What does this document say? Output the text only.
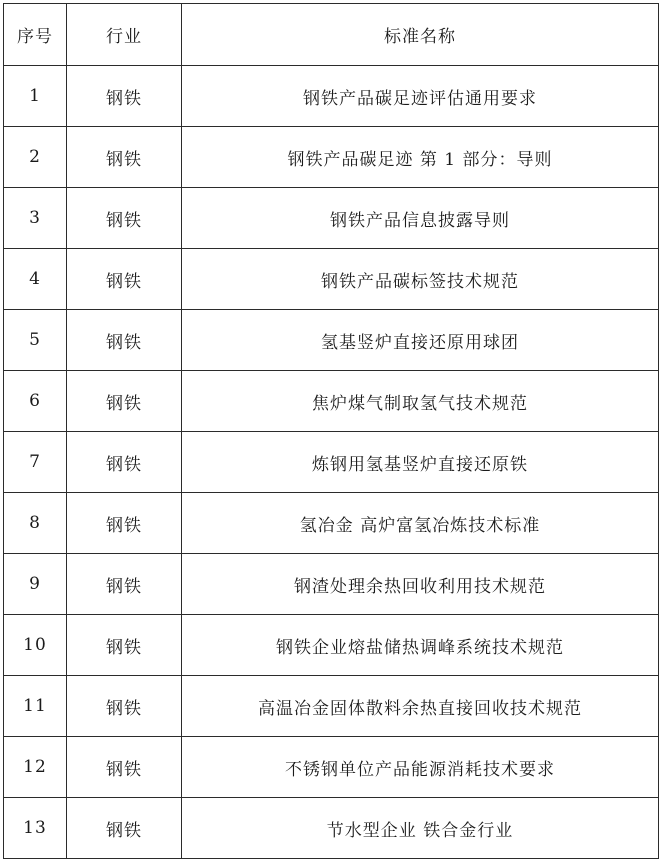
序号	行业	标准名称
1	钢铁	钢铁产品碳足迹评估通用要求
2	钢铁	钢铁产品碳足迹 第 1 部分：导则
3	钢铁	钢铁产品信息披露导则
4	钢铁	钢铁产品碳标签技术规范
5	钢铁	氢基竖炉直接还原用球团
6	钢铁	焦炉煤气制取氢气技术规范
7	钢铁	炼钢用氢基竖炉直接还原铁
8	钢铁	氢冶金 高炉富氢冶炼技术标准
9	钢铁	钢渣处理余热回收利用技术规范
10	钢铁	钢铁企业熔盐储热调峰系统技术规范
11	钢铁	高温冶金固体散料余热直接回收技术规范
12	钢铁	不锈钢单位产品能源消耗技术要求
13	钢铁	节水型企业 铁合金行业
